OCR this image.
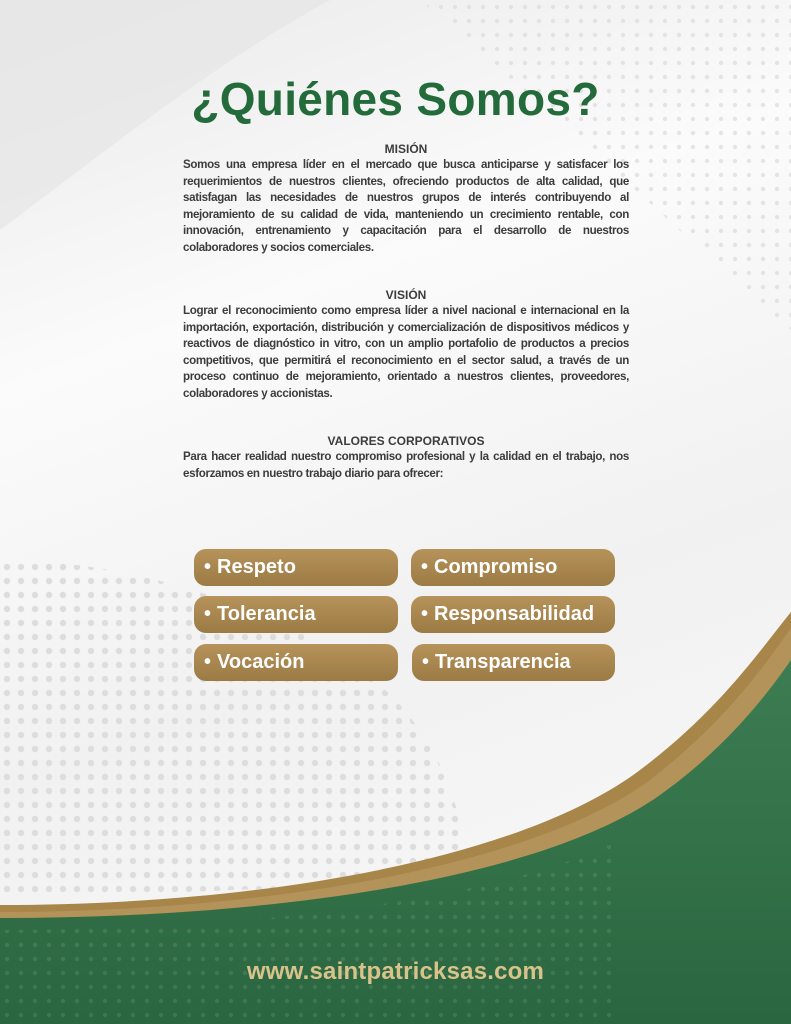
¿Quiénes Somos?
MISIÓN

Somos una empresa líder en el mercado que busca anticiparse y satisfacer los requerimientos de nuestros clientes, ofreciendo productos de alta calidad, que satisfagan las necesidades de nuestros grupos de interés contribuyendo al mejoramiento de su calidad de vida, manteniendo un crecimiento rentable, con innovación, entrenamiento y capacitación para el desarrollo de nuestros colaboradores y socios comerciales.

VISIÓN

Lograr el reconocimiento como empresa líder a nivel nacional e internacional en la importación, exportación, distribución y comercialización de dispositivos médicos y reactivos de diagnóstico in vitro, con un amplio portafolio de productos a precios competitivos, que permitirá el reconocimiento en el sector salud, a través de un proceso continuo de mejoramiento, orientado a nuestros clientes, proveedores, colaboradores y accionistas.

VALORES CORPORATIVOS

Para hacer realidad nuestro compromiso profesional y la calidad en el trabajo, nos esforzamos en nuestro trabajo diario para ofrecer:

• Respeto	• Compromiso
• Tolerancia	• Responsabilidad
• Vocación	• Transparencia
www.saintpatricksas.com
